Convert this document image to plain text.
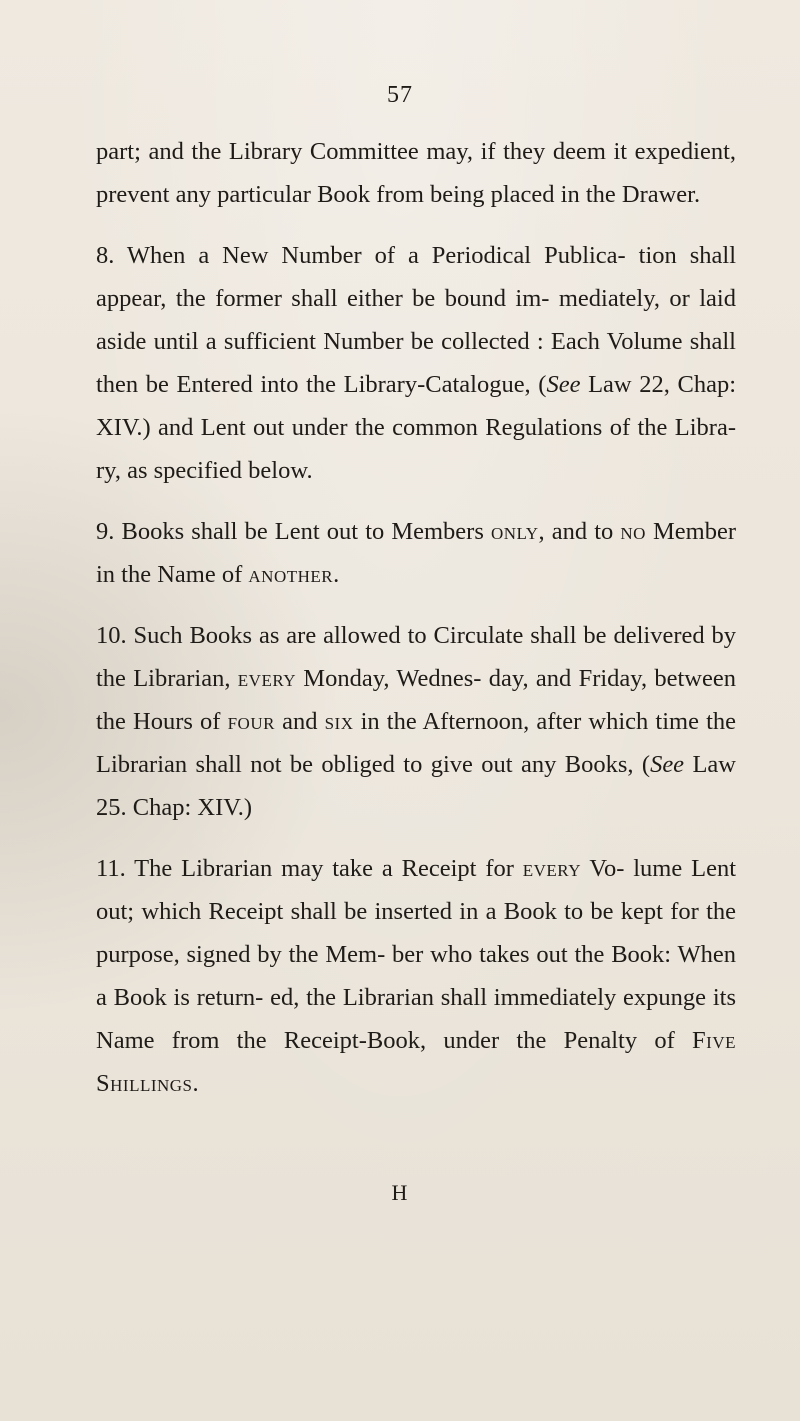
57

part; and the Library Committee may, if they deem it expedient, prevent any particular Book from being placed in the Drawer.

8. When a New Number of a Periodical Publica- tion shall appear, the former shall either be bound im- mediately, or laid aside until a sufficient Number be collected : Each Volume shall then be Entered into the Library-Catalogue, (See Law 22, Chap: XIV.) and Lent out under the common Regulations of the Libra- ry, as specified below.

9. Books shall be Lent out to Members only, and to no Member in the Name of another.

10. Such Books as are allowed to Circulate shall be delivered by the Librarian, every Monday, Wednes- day, and Friday, between the Hours of four and six in the Afternoon, after which time the Librarian shall not be obliged to give out any Books, (See Law 25. Chap: XIV.)

11. The Librarian may take a Receipt for every Vo- lume Lent out; which Receipt shall be inserted in a Book to be kept for the purpose, signed by the Mem- ber who takes out the Book: When a Book is return- ed, the Librarian shall immediately expunge its Name from the Receipt-Book, under the Penalty of Five Shillings.

H
